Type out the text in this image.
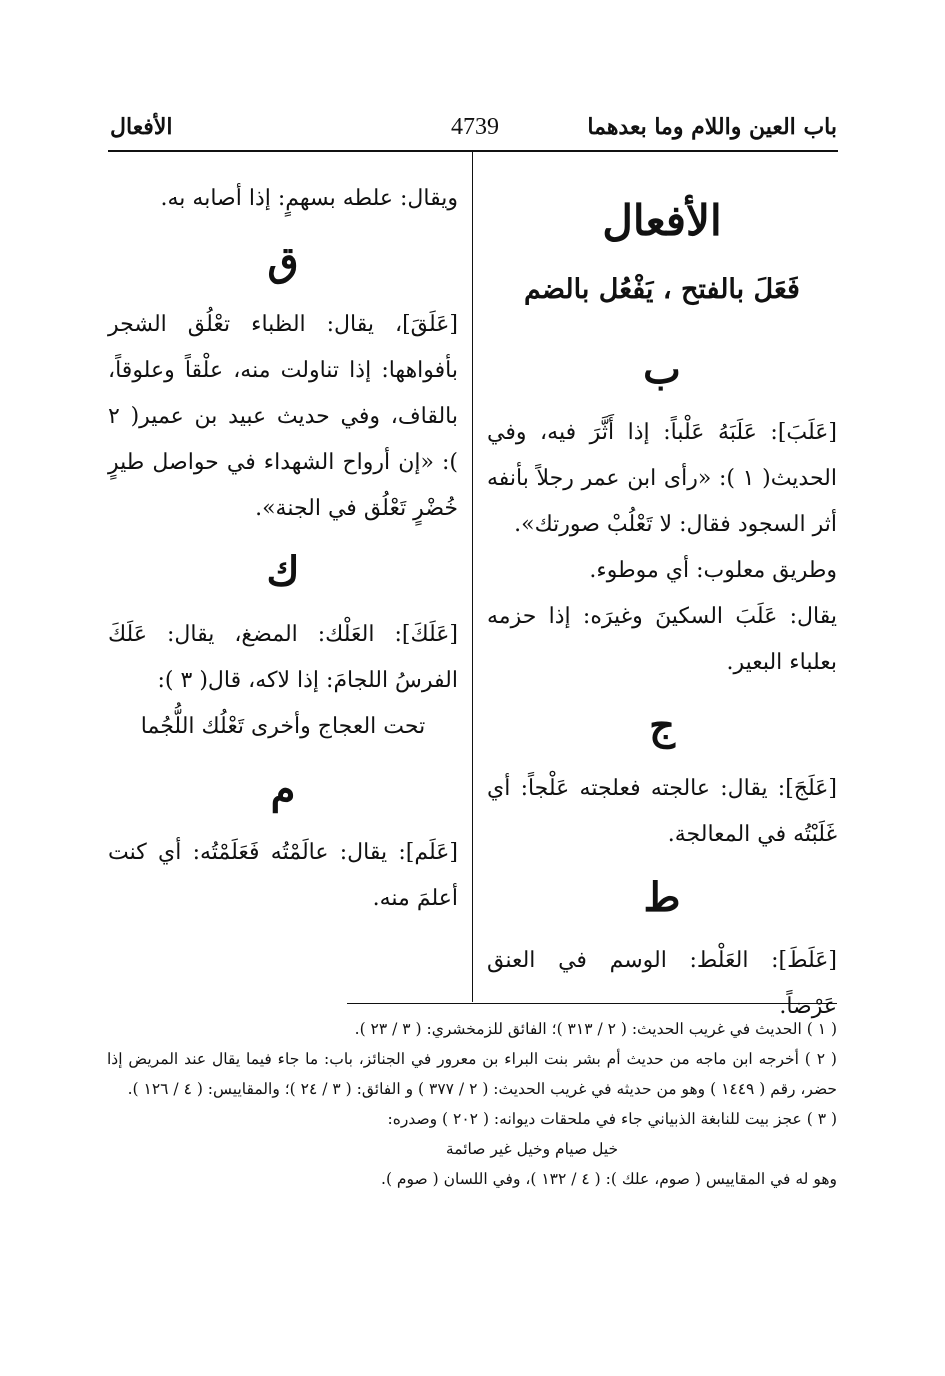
باب العين واللام وما بعدهما
4739
الأفعال
الأفعال
فَعَلَ بالفتح ، يَفْعُل بالضم
ب

[عَلَبَ]: عَلَبَهُ عَلْباً: إذا أَثَّرَ فيه، وفي الحديث( ١ ): «رأى ابن عمر رجلاً بأنفه أثر السجود فقال: لا تَعْلُبْ صورتك».

وطريق معلوب: أي موطوء.

يقال: عَلَبَ السكينَ وغيرَه: إذا حزمه بعلباء البعير.

ج

[عَلَجَ]: يقال: عالجته فعلجته عَلْجاً: أي غَلَبْتُه في المعالجة.

ط

[عَلَطَ]: العَلْط: الوسم في العنق عَرْضاً.

ويقال: علطه بسهمٍ: إذا أصابه به.

ق

[عَلَقَ]، يقال: الظباء تعْلُق الشجر بأفواهها: إذا تناولت منه، علْقاً وعلوقاً، بالقاف، وفي حديث عبيد بن عمير( ٢ ): «إن أرواح الشهداء في حواصل طيرٍ خُضْرٍ تَعْلُق في الجنة».

ك

[عَلَكَ]: العَلْك: المضغ، يقال: عَلَكَ الفرسُ اللجامَ: إذا لاكه، قال( ٣ ):

تحت العجاج وأخرى تَعْلُك اللُّجُما

م

[عَلَم]: يقال: عالَمْتُه فَعَلَمْتُه: أي كنت أعلمَ منه.

( ١ ) الحديث في غريب الحديث: ( ٢ / ٣١٣ )؛ الفائق للزمخشري: ( ٣ / ٢٣ ).

( ٢ ) أخرجه ابن ماجه من حديث أم بشر بنت البراء بن معرور في الجنائز، باب: ما جاء فيما يقال عند المريض إذا حضر، رقم ( ١٤٤٩ ) وهو من حديثه في غريب الحديث: ( ٢ / ٣٧٧ ) و الفائق: ( ٣ / ٢٤ )؛ والمقاييس: ( ٤ / ١٢٦ ).

( ٣ ) عجز بيت للنابغة الذبياني جاء في ملحقات ديوانه: ( ٢٠٢ ) وصدره:

خيل صيام وخيل غير صائمة

وهو له في المقاييس ( صوم، علك ): ( ٤ / ١٣٢ )، وفي اللسان ( صوم ).
